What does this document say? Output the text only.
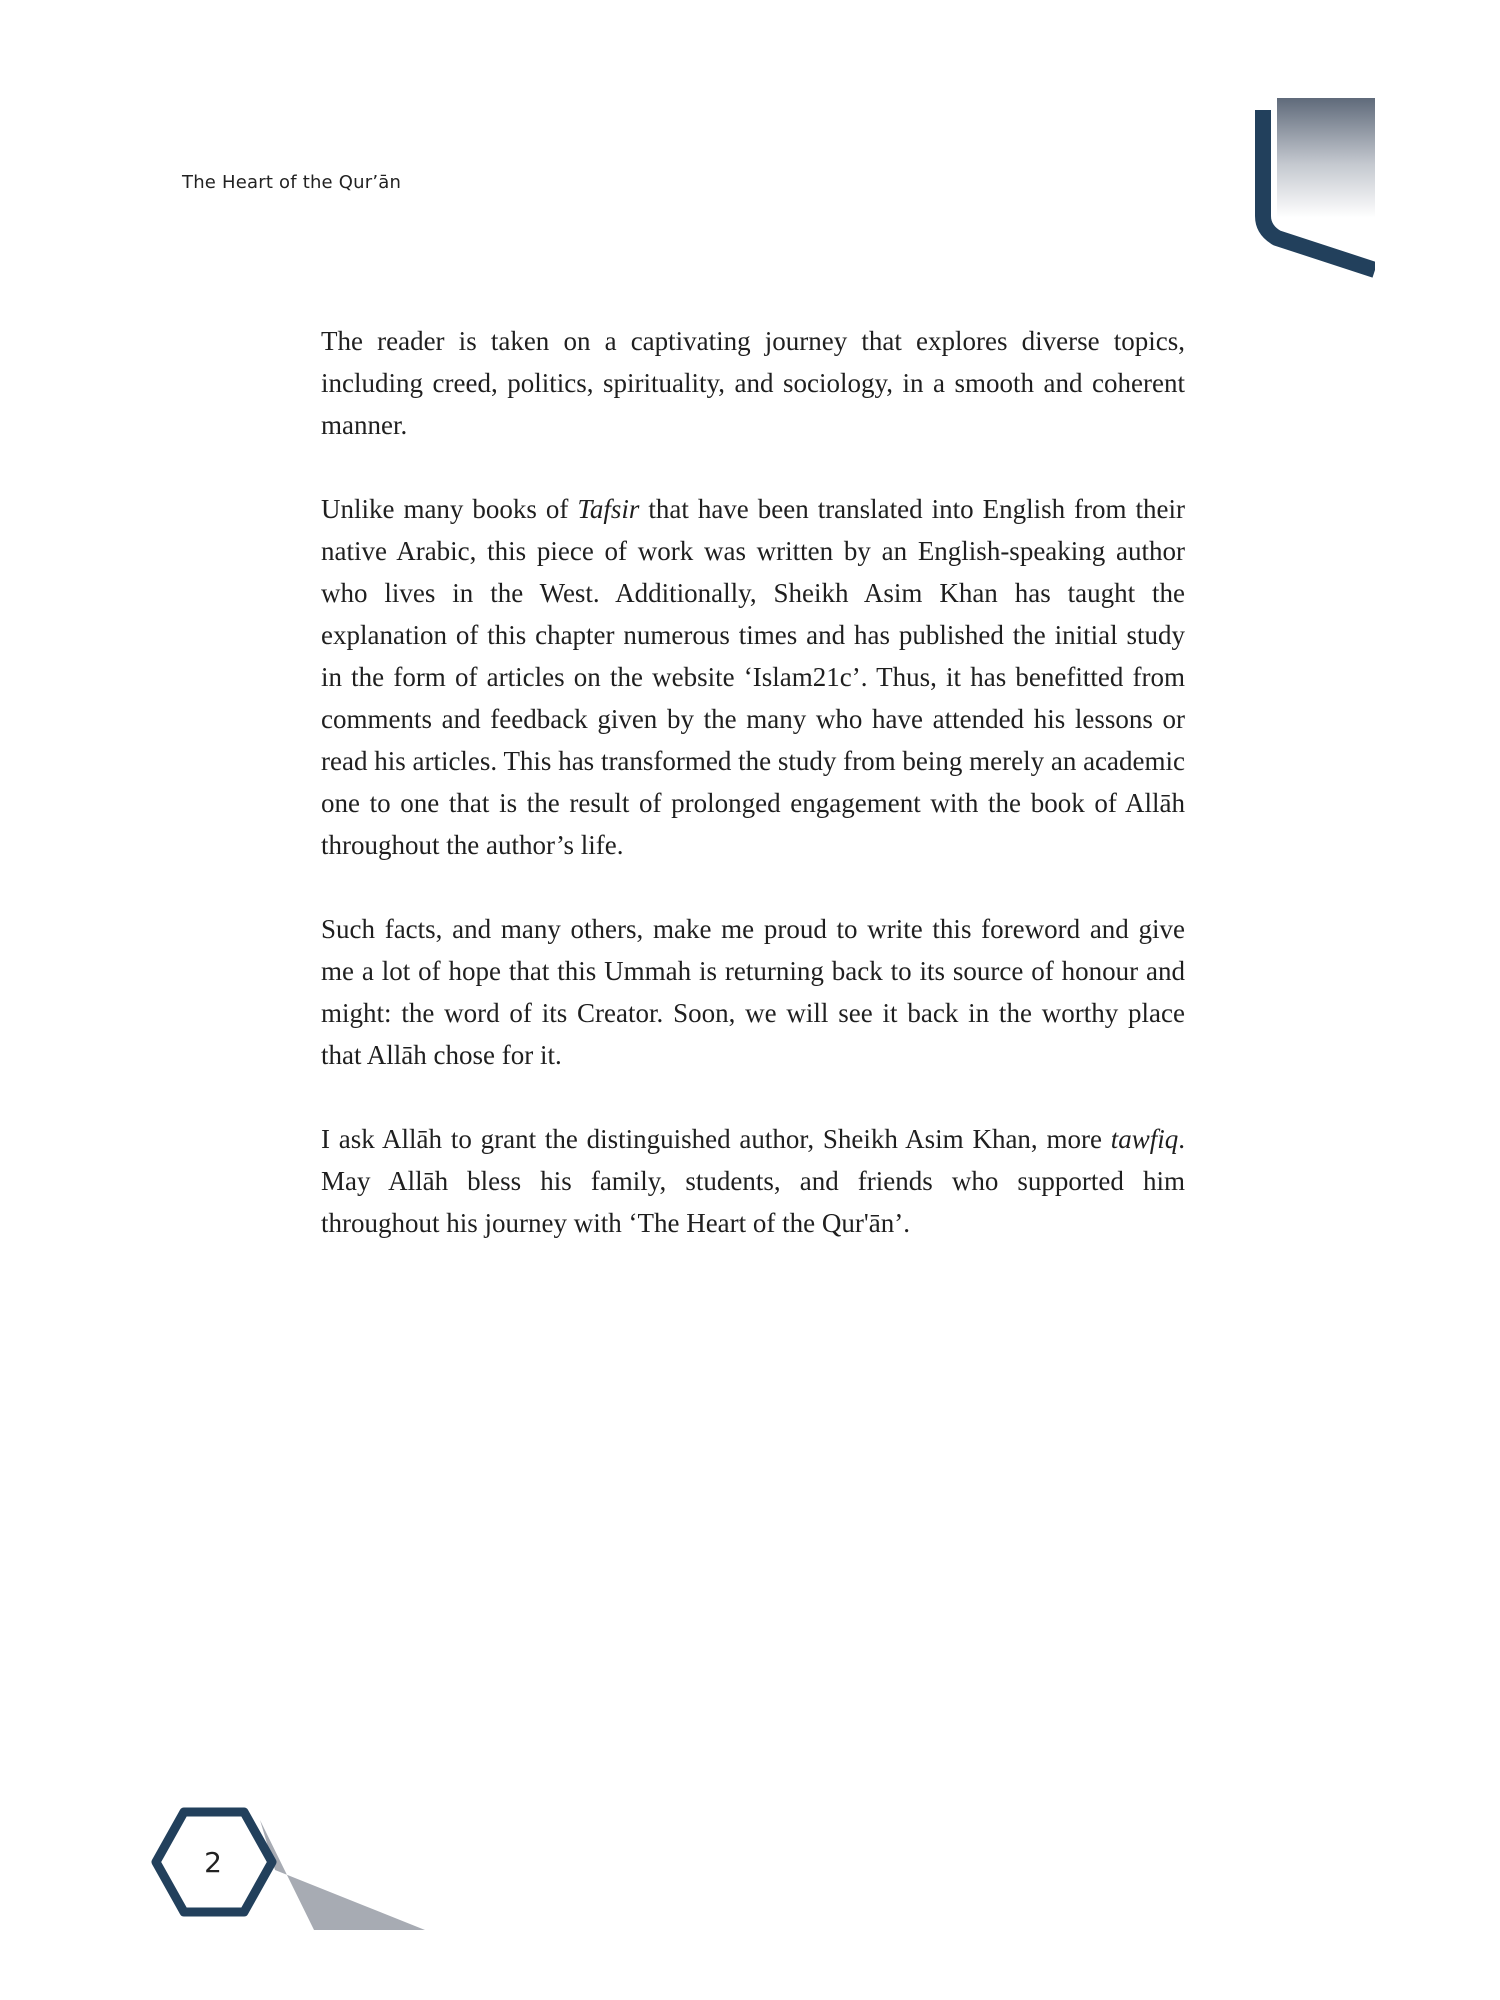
The Heart of the Qur’ān

The reader is taken on a captivating journey that explores diverse topics, including creed, politics, spirituality, and sociology, in a smooth and coherent manner.

Unlike many books of Tafsir that have been translated into English from their native Arabic, this piece of work was written by an English-speaking author who lives in the West. Additionally, Sheikh Asim Khan has taught the explanation of this chapter numerous times and has published the initial study in the form of articles on the website ‘Islam21c’. Thus, it has benefitted from comments and feedback given by the many who have attended his lessons or read his articles. This has transformed the study from being merely an academic one to one that is the result of prolonged engagement with the book of Allāh throughout the author’s life.

Such facts, and many others, make me proud to write this foreword and give me a lot of hope that this Ummah is returning back to its source of honour and might: the word of its Creator. Soon, we will see it back in the worthy place that Allāh chose for it.

I ask Allāh to grant the distinguished author, Sheikh Asim Khan, more tawfiq. May Allāh bless his family, students, and friends who supported him throughout his journey with ‘The Heart of the Qur'ān’.

2
